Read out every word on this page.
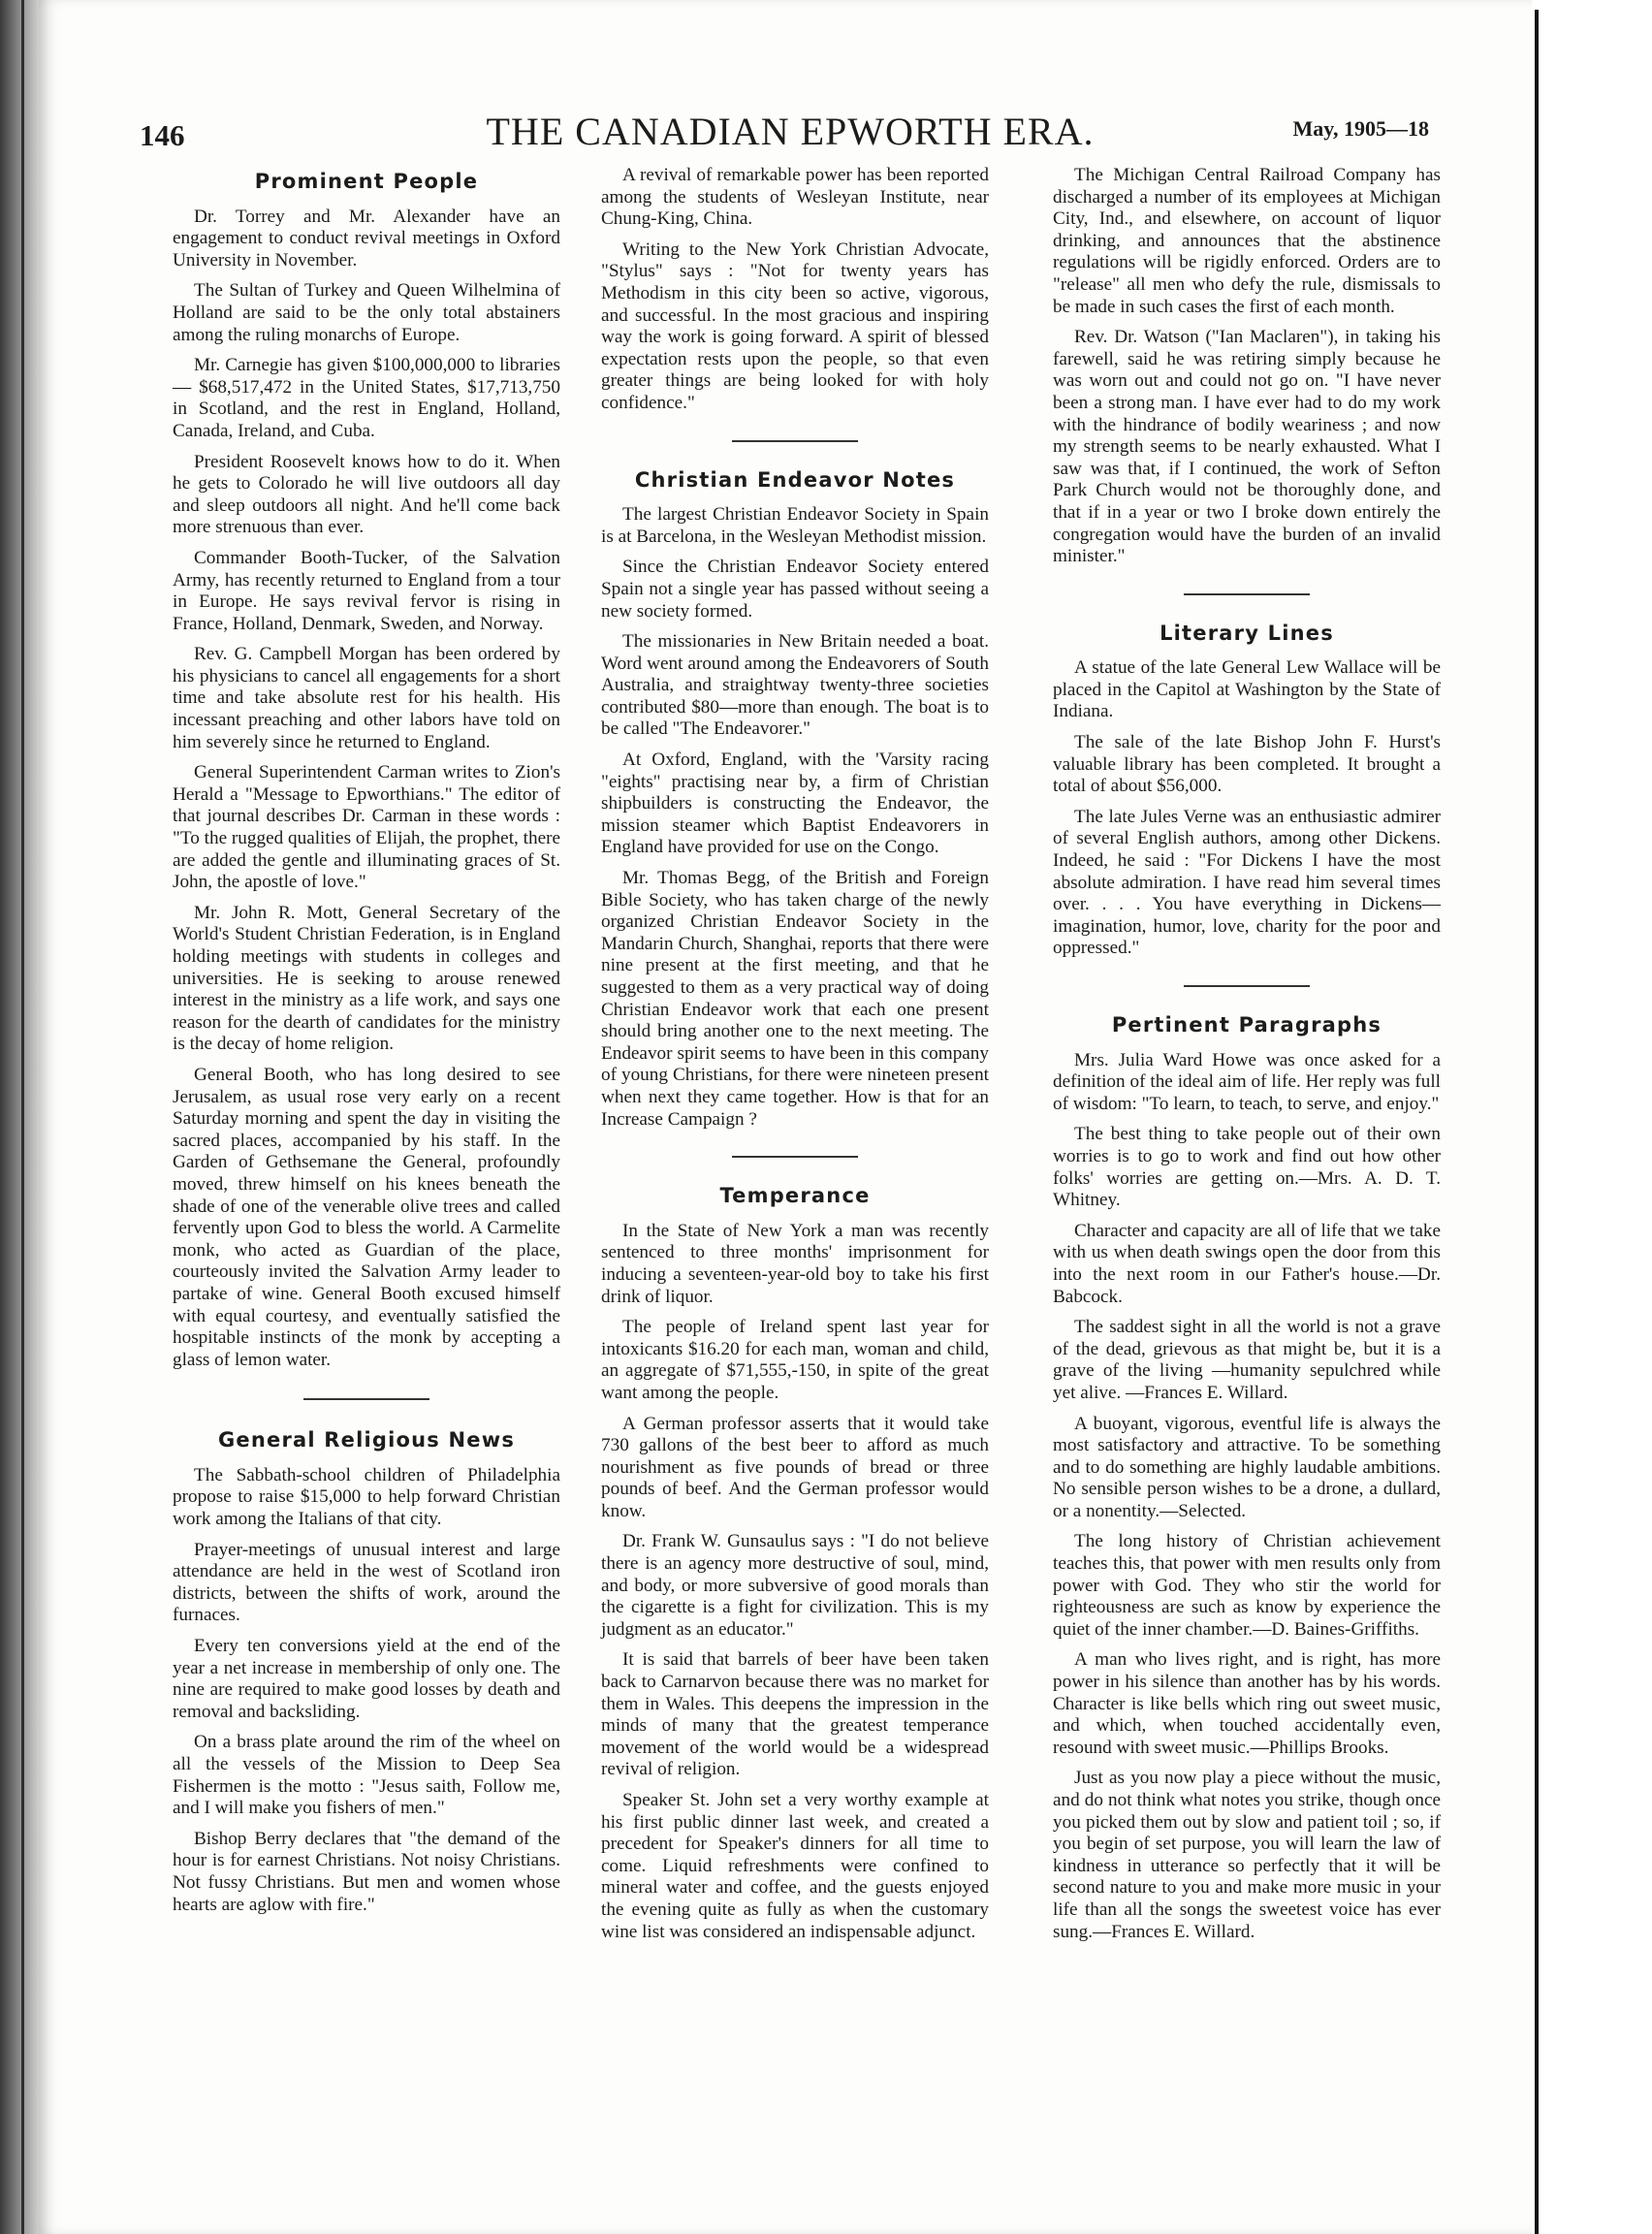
146	THE CANADIAN EPWORTH ERA.	May, 1905—18
Prominent People

Dr. Torrey and Mr. Alexander have an engagement to conduct revival meetings in Oxford University in November.

The Sultan of Turkey and Queen Wilhelmina of Holland are said to be the only total abstainers among the ruling monarchs of Europe.

Mr. Carnegie has given $100,000,000 to libraries — $68,517,472 in the United States, $17,713,750 in Scotland, and the rest in England, Holland, Canada, Ireland, and Cuba.

President Roosevelt knows how to do it. When he gets to Colorado he will live outdoors all day and sleep outdoors all night. And he'll come back more strenuous than ever.

Commander Booth-Tucker, of the Salvation Army, has recently returned to England from a tour in Europe. He says revival fervor is rising in France, Holland, Denmark, Sweden, and Norway.

Rev. G. Campbell Morgan has been ordered by his physicians to cancel all engagements for a short time and take absolute rest for his health. His incessant preaching and other labors have told on him severely since he returned to England.

General Superintendent Carman writes to Zion's Herald a "Message to Epworthians." The editor of that journal describes Dr. Carman in these words : "To the rugged qualities of Elijah, the prophet, there are added the gentle and illuminating graces of St. John, the apostle of love."

Mr. John R. Mott, General Secretary of the World's Student Christian Federation, is in England holding meetings with students in colleges and universities. He is seeking to arouse renewed interest in the ministry as a life work, and says one reason for the dearth of candidates for the ministry is the decay of home religion.

General Booth, who has long desired to see Jerusalem, as usual rose very early on a recent Saturday morning and spent the day in visiting the sacred places, accompanied by his staff. In the Garden of Gethsemane the General, profoundly moved, threw himself on his knees beneath the shade of one of the venerable olive trees and called fervently upon God to bless the world. A Carmelite monk, who acted as Guardian of the place, courteously invited the Salvation Army leader to partake of wine. General Booth excused himself with equal courtesy, and eventually satisfied the hospitable instincts of the monk by accepting a glass of lemon water.

General Religious News

The Sabbath-school children of Philadelphia propose to raise $15,000 to help forward Christian work among the Italians of that city.

Prayer-meetings of unusual interest and large attendance are held in the west of Scotland iron districts, between the shifts of work, around the furnaces.

Every ten conversions yield at the end of the year a net increase in membership of only one. The nine are required to make good losses by death and removal and backsliding.

On a brass plate around the rim of the wheel on all the vessels of the Mission to Deep Sea Fishermen is the motto : "Jesus saith, Follow me, and I will make you fishers of men."

Bishop Berry declares that "the demand of the hour is for earnest Christians. Not noisy Christians. Not fussy Christians. But men and women whose hearts are aglow with fire."

A revival of remarkable power has been reported among the students of Wesleyan Institute, near Chung-King, China.

Writing to the New York Christian Advocate, "Stylus" says : "Not for twenty years has Methodism in this city been so active, vigorous, and successful. In the most gracious and inspiring way the work is going forward. A spirit of blessed expectation rests upon the people, so that even greater things are being looked for with holy confidence."

Christian Endeavor Notes

The largest Christian Endeavor Society in Spain is at Barcelona, in the Wesleyan Methodist mission.

Since the Christian Endeavor Society entered Spain not a single year has passed without seeing a new society formed.

The missionaries in New Britain needed a boat. Word went around among the Endeavorers of South Australia, and straightway twenty-three societies contributed $80—more than enough. The boat is to be called "The Endeavorer."

At Oxford, England, with the 'Varsity racing "eights" practising near by, a firm of Christian shipbuilders is constructing the Endeavor, the mission steamer which Baptist Endeavorers in England have provided for use on the Congo.

Mr. Thomas Begg, of the British and Foreign Bible Society, who has taken charge of the newly organized Christian Endeavor Society in the Mandarin Church, Shanghai, reports that there were nine present at the first meeting, and that he suggested to them as a very practical way of doing Christian Endeavor work that each one present should bring another one to the next meeting. The Endeavor spirit seems to have been in this company of young Christians, for there were nineteen present when next they came together. How is that for an Increase Campaign ?

Temperance

In the State of New York a man was recently sentenced to three months' imprisonment for inducing a seventeen-year-old boy to take his first drink of liquor.

The people of Ireland spent last year for intoxicants $16.20 for each man, woman and child, an aggregate of $71,555,-150, in spite of the great want among the people.

A German professor asserts that it would take 730 gallons of the best beer to afford as much nourishment as five pounds of bread or three pounds of beef. And the German professor would know.

Dr. Frank W. Gunsaulus says : "I do not believe there is an agency more destructive of soul, mind, and body, or more subversive of good morals than the cigarette is a fight for civilization. This is my judgment as an educator."

It is said that barrels of beer have been taken back to Carnarvon because there was no market for them in Wales. This deepens the impression in the minds of many that the greatest temperance movement of the world would be a widespread revival of religion.

Speaker St. John set a very worthy example at his first public dinner last week, and created a precedent for Speaker's dinners for all time to come. Liquid refreshments were confined to mineral water and coffee, and the guests enjoyed the evening quite as fully as when the customary wine list was considered an indispensable adjunct.

The Michigan Central Railroad Company has discharged a number of its employees at Michigan City, Ind., and elsewhere, on account of liquor drinking, and announces that the abstinence regulations will be rigidly enforced. Orders are to "release" all men who defy the rule, dismissals to be made in such cases the first of each month.

Rev. Dr. Watson ("Ian Maclaren"), in taking his farewell, said he was retiring simply because he was worn out and could not go on. "I have never been a strong man. I have ever had to do my work with the hindrance of bodily weariness ; and now my strength seems to be nearly exhausted. What I saw was that, if I continued, the work of Sefton Park Church would not be thoroughly done, and that if in a year or two I broke down entirely the congregation would have the burden of an invalid minister."

Literary Lines

A statue of the late General Lew Wallace will be placed in the Capitol at Washington by the State of Indiana.

The sale of the late Bishop John F. Hurst's valuable library has been completed. It brought a total of about $56,000.

The late Jules Verne was an enthusiastic admirer of several English authors, among other Dickens. Indeed, he said : "For Dickens I have the most absolute admiration. I have read him several times over. . . . You have everything in Dickens—imagination, humor, love, charity for the poor and oppressed."

Pertinent Paragraphs

Mrs. Julia Ward Howe was once asked for a definition of the ideal aim of life. Her reply was full of wisdom: "To learn, to teach, to serve, and enjoy."

The best thing to take people out of their own worries is to go to work and find out how other folks' worries are getting on.—Mrs. A. D. T. Whitney.

Character and capacity are all of life that we take with us when death swings open the door from this into the next room in our Father's house.—Dr. Babcock.

The saddest sight in all the world is not a grave of the dead, grievous as that might be, but it is a grave of the living —humanity sepulchred while yet alive. —Frances E. Willard.

A buoyant, vigorous, eventful life is always the most satisfactory and attractive. To be something and to do something are highly laudable ambitions. No sensible person wishes to be a drone, a dullard, or a nonentity.—Selected.

The long history of Christian achievement teaches this, that power with men results only from power with God. They who stir the world for righteousness are such as know by experience the quiet of the inner chamber.—D. Baines-Griffiths.

A man who lives right, and is right, has more power in his silence than another has by his words. Character is like bells which ring out sweet music, and which, when touched accidentally even, resound with sweet music.—Phillips Brooks.

Just as you now play a piece without the music, and do not think what notes you strike, though once you picked them out by slow and patient toil ; so, if you begin of set purpose, you will learn the law of kindness in utterance so perfectly that it will be second nature to you and make more music in your life than all the songs the sweetest voice has ever sung.—Frances E. Willard.
